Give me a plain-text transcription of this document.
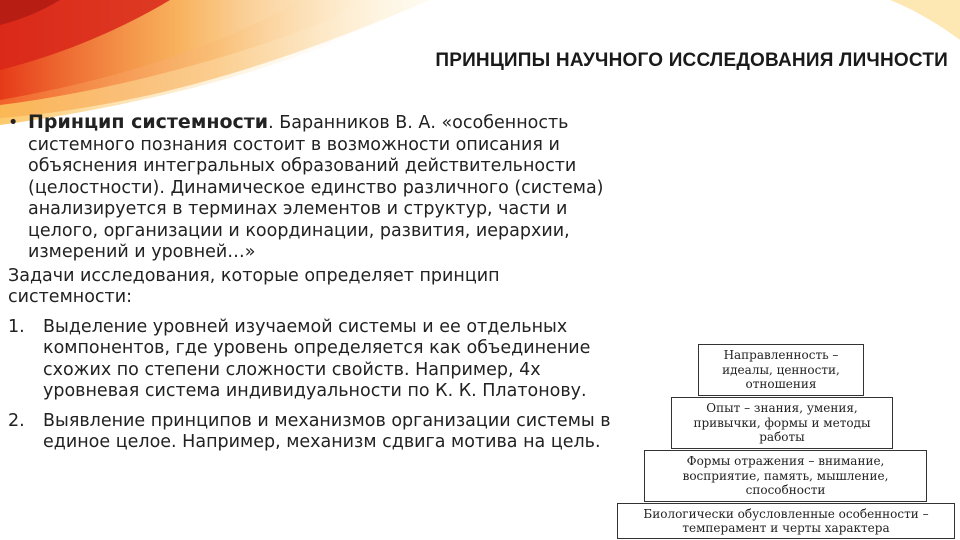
ПРИНЦИПЫ НАУЧНОГО ИССЛЕДОВАНИЯ ЛИЧНОСТИ

• Принцип системности. Баранников В. А. «особенность

системного познания состоит в возможности описания и
объяснения интегральных образований действительности
(целостности). Динамическое единство различного (система)
анализируется в терминах элементов и структур, части и
целого, организации и координации, развития, иерархии,
измерений и уровней…»
Задачи исследования, которые определяет принцип
системности:
1. Выделение уровней изучаемой системы и ее отдельных
компонентов, где уровень определяется как объединение
схожих по степени сложности свойств. Например, 4х
уровневая система индивидуальности по К. К. Платонову.
2. Выявление принципов и механизмов организации системы в
единое целое. Например, механизм сдвига мотива на цель.
Направленность –
идеалы, ценности,
отношения
Опыт – знания, умения,
привычки, формы и методы
работы
Формы отражения – внимание,
восприятие, память, мышление,
способности
Биологически обусловленные особенности –
темперамент и черты характера
